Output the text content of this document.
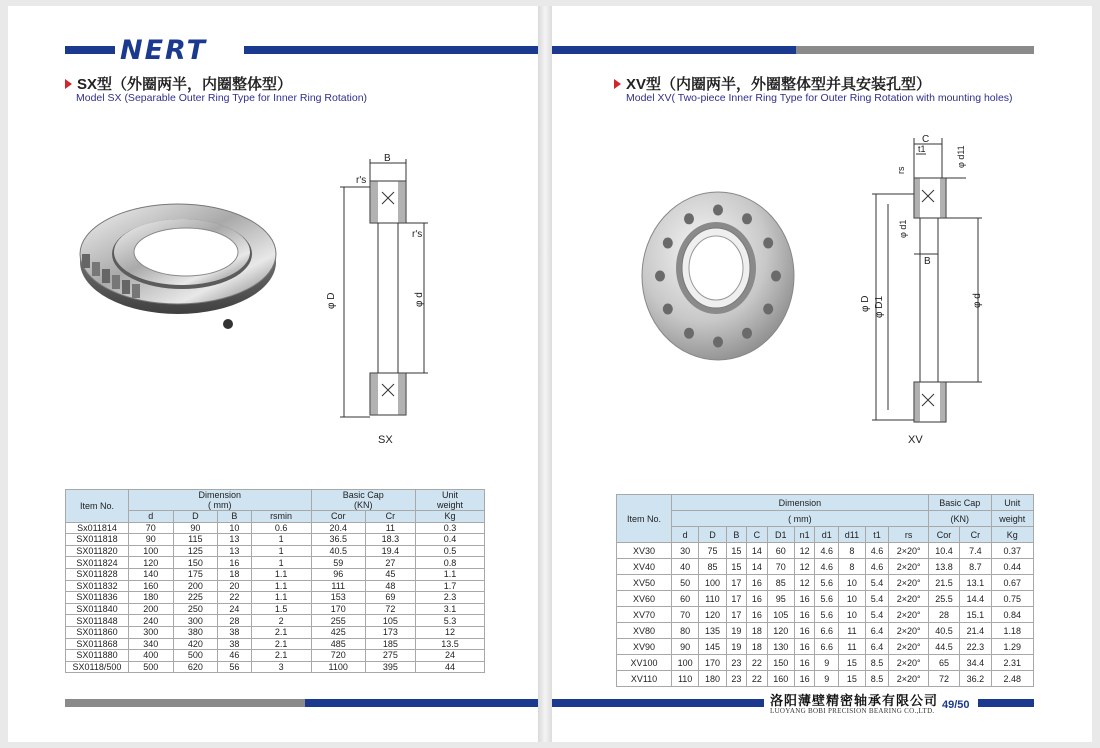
NERT
SX型（外圈两半，内圈整体型）
Model SX (Separable Outer Ring Type for Inner Ring Rotation)
B
r's
r's
φ D	φ d
SX
Item No.	Dimension
( mm)				Basic Cap
(KN)		Unit
weight
	d	D	B	rsmin	Cor	Cr	Kg
Sx011814	70	90	10	0.6	20.4	11	0.3
SX011818	90	115	13	1	36.5	18.3	0.4
SX011820	100	125	13	1	40.5	19.4	0.5
SX011824	120	150	16	1	59	27	0.8
SX011828	140	175	18	1.1	96	45	1.1
SX011832	160	200	20	1.1	111	48	1.7
SX011836	180	225	22	1.1	153	69	2.3
SX011840	200	250	24	1.5	170	72	3.1
SX011848	240	300	28	2	255	105	5.3
SX011860	300	380	38	2.1	425	173	12
SX011868	340	420	38	2.1	485	185	13.5
SX011880	400	500	46	2.1	720	275	24
SX0118/500	500	620	56	3	1100	395	44
XV型（内圈两半，外圈整体型并具安装孔型）
Model XV( Two-piece Inner Ring Type for Outer Ring Rotation with mounting holes)
C
t1
rs
φ d11
φ d1
B
φ D φ D1	φ d
XV
Item No.	Dimension										Basic Cap		Unit
	( mm)										(KN)		weight
	d	D	B	C	D1	n1	d1	d11	t1	rs	Cor	Cr	Kg
XV30	30	75	15	14	60	12	4.6	8	4.6	2×20°	10.4	7.4	0.37
XV40	40	85	15	14	70	12	4.6	8	4.6	2×20°	13.8	8.7	0.44
XV50	50	100	17	16	85	12	5.6	10	5.4	2×20°	21.5	13.1	0.67
XV60	60	110	17	16	95	16	5.6	10	5.4	2×20°	25.5	14.4	0.75
XV70	70	120	17	16	105	16	5.6	10	5.4	2×20°	28	15.1	0.84
XV80	80	135	19	18	120	16	6.6	11	6.4	2×20°	40.5	21.4	1.18
XV90	90	145	19	18	130	16	6.6	11	6.4	2×20°	44.5	22.3	1.29
XV100	100	170	23	22	150	16	9	15	8.5	2×20°	65	34.4	2.31
XV110	110	180	23	22	160	16	9	15	8.5	2×20°	72	36.2	2.48
洛阳薄壁精密轴承有限公司
LUOYANG BOBI PRECISION BEARING CO.,LTD. 49/50
